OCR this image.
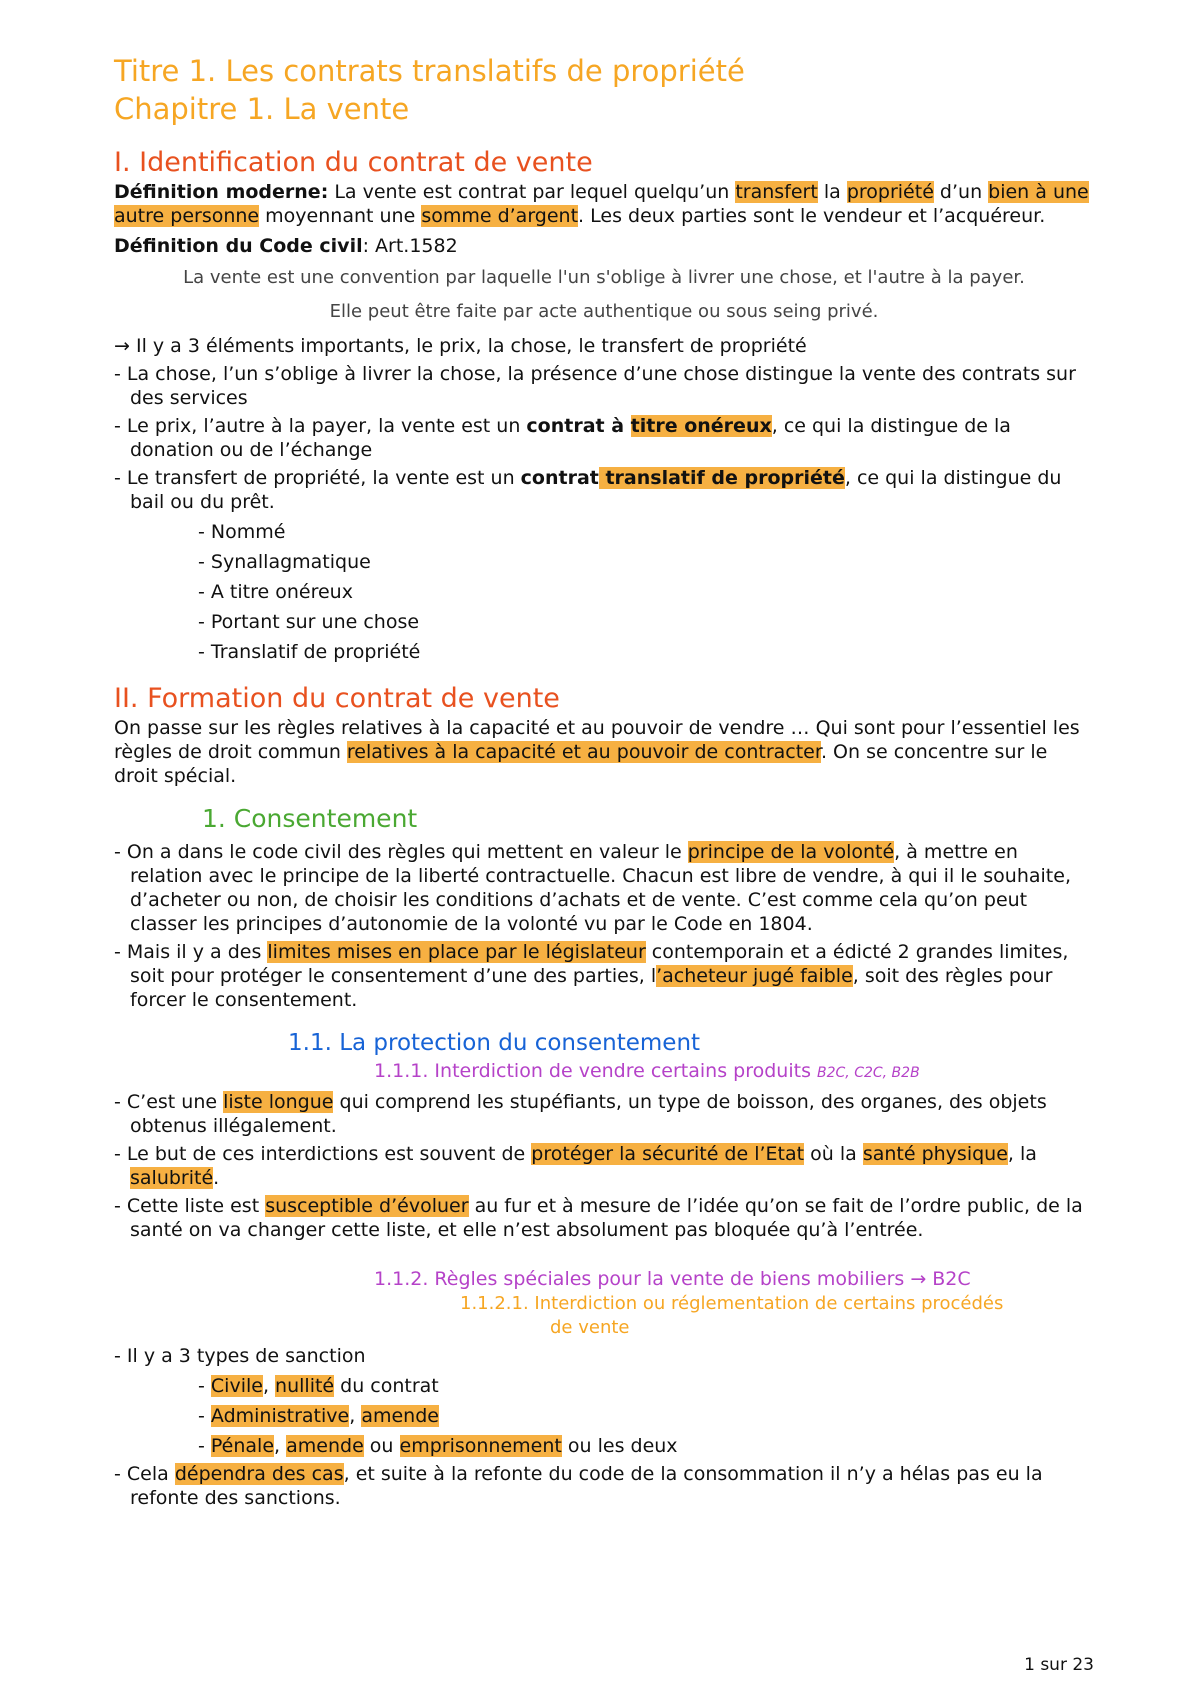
Titre 1. Les contrats translatifs de propriété
Chapitre 1. La vente
I. Identification du contrat de vente

Définition moderne: La vente est contrat par lequel quelqu’un transfert la propriété d’un bien à une autre personne moyennant une somme d’argent. Les deux parties sont le vendeur et l’acquéreur.

Définition du Code civil: Art.1582

La vente est une convention par laquelle l'un s'oblige à livrer une chose, et l'autre à la payer.

Elle peut être faite par acte authentique ou sous seing privé.

→ Il y a 3 éléments importants, le prix, la chose, le transfert de propriété

- La chose, l’un s’oblige à livrer la chose, la présence d’une chose distingue la vente des contrats sur des services
- Le prix, l’autre à la payer, la vente est un contrat à titre onéreux, ce qui la distingue de la donation ou de l’échange
- Le transfert de propriété, la vente est un contrat translatif de propriété, ce qui la distingue du bail ou du prêt.
- Nommé
- Synallagmatique
- A titre onéreux
- Portant sur une chose
- Translatif de propriété
II. Formation du contrat de vente

On passe sur les règles relatives à la capacité et au pouvoir de vendre … Qui sont pour l’essentiel les règles de droit commun relatives à la capacité et au pouvoir de contracter. On se concentre sur le droit spécial.

1. Consentement
- On a dans le code civil des règles qui mettent en valeur le principe de la volonté, à mettre en relation avec le principe de la liberté contractuelle. Chacun est libre de vendre, à qui il le souhaite, d’acheter ou non, de choisir les conditions d’achats et de vente. C’est comme cela qu’on peut classer les principes d’autonomie de la volonté vu par le Code en 1804.
- Mais il y a des limites mises en place par le législateur contemporain et a édicté 2 grandes limites, soit pour protéger le consentement d’une des parties, l’acheteur jugé faible, soit des règles pour forcer le consentement.
1.1. La protection du consentement
1.1.1. Interdiction de vendre certains produits B2C, C2C, B2B
- C’est une liste longue qui comprend les stupéfiants, un type de boisson, des organes, des objets obtenus illégalement.
- Le but de ces interdictions est souvent de protéger la sécurité de l’Etat où la santé physique, la salubrité.
- Cette liste est susceptible d’évoluer au fur et à mesure de l’idée qu’on se fait de l’ordre public, de la santé on va changer cette liste, et elle n’est absolument pas bloquée qu’à l’entrée.
1.1.2. Règles spéciales pour la vente de biens mobiliers → B2C
1.1.2.1. Interdiction ou réglementation de certains procédés
de vente
- Il y a 3 types de sanction
- Civile, nullité du contrat
- Administrative, amende
- Pénale, amende ou emprisonnement ou les deux
- Cela dépendra des cas, et suite à la refonte du code de la consommation il n’y a hélas pas eu la refonte des sanctions.
1 sur 23
